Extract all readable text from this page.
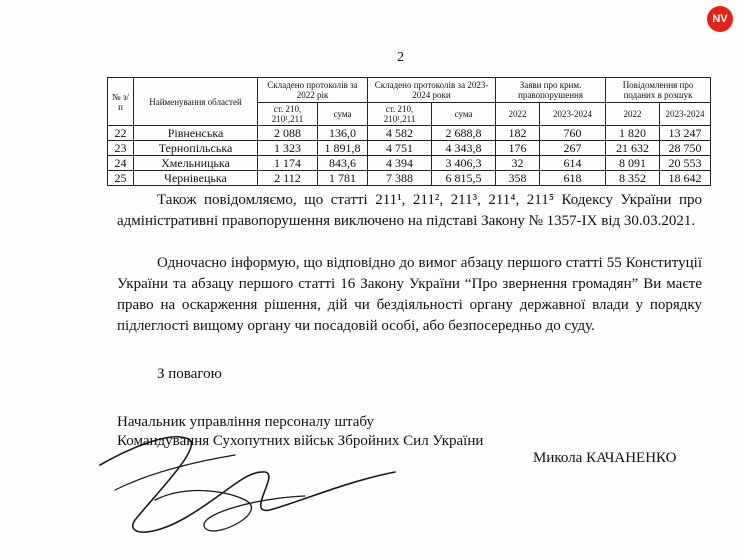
NV
2
№ з/п	Найменування областей	Складено протоколів за 2022 рік		Складено протоколів за 2023-2024 роки		Заяви про крим. правопорушення		Повідомлення про поданих в розшук	
		ст. 210, 210¹,211	сума	ст. 210, 210¹,211	сума	2022	2023-2024	2022	2023-2024
22	Рівненська	2 088	136,0	4 582	2 688,8	182	760	1 820	13 247
23	Тернопільська	1 323	1 891,8	4 751	4 343,8	176	267	21 632	28 750
24	Хмельницька	1 174	843,6	4 394	3 406,3	32	614	8 091	20 553
25	Чернівецька	2 112	1 781	7 388	6 815,5	358	618	8 352	18 642
Також повідомляємо, що статті 211¹, 211², 211³, 211⁴, 211⁵ Кодексу України про адміністративні правопорушення виключено на підставі Закону № 1357-IX від 30.03.2021.
Одночасно інформую, що відповідно до вимог абзацу першого статті 55 Конституції України та абзацу першого статті 16 Закону України “Про звернення громадян” Ви маєте право на оскарження рішення, дій чи бездіяльності органу державної влади у порядку підлеглості вищому органу чи посадовій особі, або безпосередньо до суду.
З повагою
Начальник управління персоналу штабу
Командування Сухопутних військ Збройних Сил України
Микола КАЧАНЕНКО
